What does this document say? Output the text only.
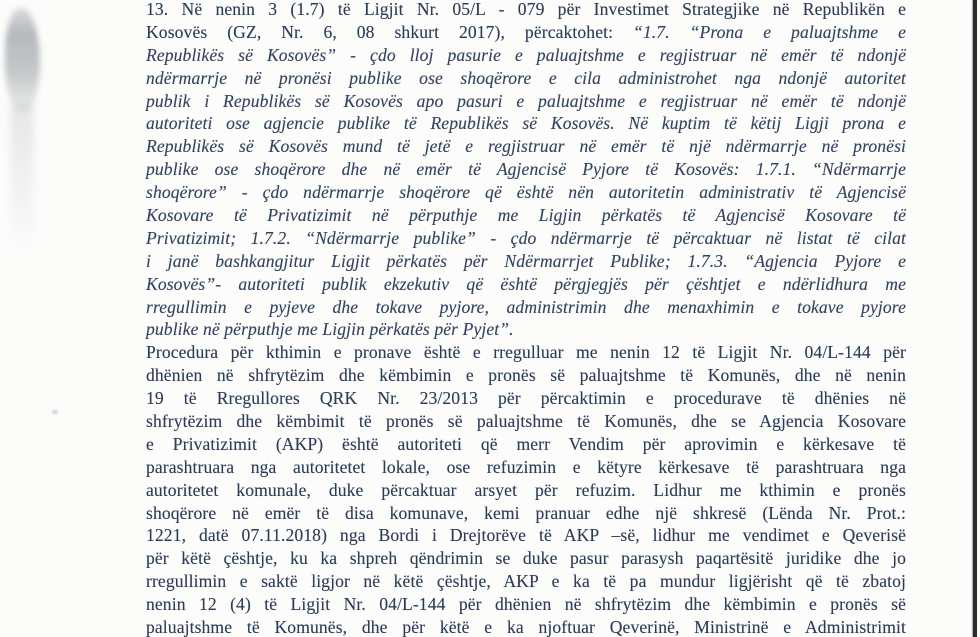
13. Në nenin 3 (1.7) të Ligjit Nr. 05/L - 079 për Investimet Strategjike në Republikën e
Kosovës (GZ, Nr. 6, 08 shkurt 2017), përcaktohet: “1.7. “Prona e paluajtshme e
Republikës së Kosovës” - çdo lloj pasurie e paluajtshme e regjistruar në emër të ndonjë
ndërmarrje në pronësi publike ose shoqërore e cila administrohet nga ndonjë autoritet
publik i Republikës së Kosovës apo pasuri e paluajtshme e regjistruar në emër të ndonjë
autoriteti ose agjencie publike të Republikës së Kosovës. Në kuptim të këtij Ligji prona e
Republikës së Kosovës mund të jetë e regjistruar në emër të një ndërmarrje në pronësi
publike ose shoqërore dhe në emër të Agjencisë Pyjore të Kosovës: 1.7.1. “Ndërmarrje
shoqërore” - çdo ndërmarrje shoqërore që është nën autoritetin administrativ të Agjencisë
Kosovare të Privatizimit në përputhje me Ligjin përkatës të Agjencisë Kosovare të
Privatizimit; 1.7.2. “Ndërmarrje publike” - çdo ndërmarrje të përcaktuar në listat të cilat
i janë bashkangjitur Ligjit përkatës për Ndërmarrjet Publike; 1.7.3. “Agjencia Pyjore e
Kosovës”- autoriteti publik ekzekutiv që është përgjegjës për çështjet e ndërlidhura me
rregullimin e pyjeve dhe tokave pyjore, administrimin dhe menaxhimin e tokave pyjore
publike në përputhje me Ligjin përkatës për Pyjet”.
Procedura për kthimin e pronave është e rregulluar me nenin 12 të Ligjit Nr. 04/L-144 për
dhënien në shfrytëzim dhe këmbimin e pronës së paluajtshme të Komunës, dhe në nenin
19 të Rregullores QRK Nr. 23/2013 për përcaktimin e procedurave të dhënies në
shfrytëzim dhe këmbimit të pronës së paluajtshme të Komunës, dhe se Agjencia Kosovare
e Privatizimit (AKP) është autoriteti që merr Vendim për aprovimin e kërkesave të
parashtruara nga autoritetet lokale, ose refuzimin e këtyre kërkesave të parashtruara nga
autoritetet komunale, duke përcaktuar arsyet për refuzim. Lidhur me kthimin e pronës
shoqërore në emër të disa komunave, kemi pranuar edhe një shkresë (Lënda Nr. Prot.:
1221, datë 07.11.2018) nga Bordi i Drejtorëve të AKP –së, lidhur me vendimet e Qeverisë
për këtë çështje, ku ka shpreh qëndrimin se duke pasur parasysh paqartësitë juridike dhe jo
rregullimin e saktë ligjor në këtë çështje, AKP e ka të pa mundur ligjërisht që të zbatoj
nenin 12 (4) të Ligjit Nr. 04/L-144 për dhënien në shfrytëzim dhe këmbimin e pronës së
paluajtshme të Komunës, dhe për këtë e ka njoftuar Qeverinë, Ministrinë e Administrimit
